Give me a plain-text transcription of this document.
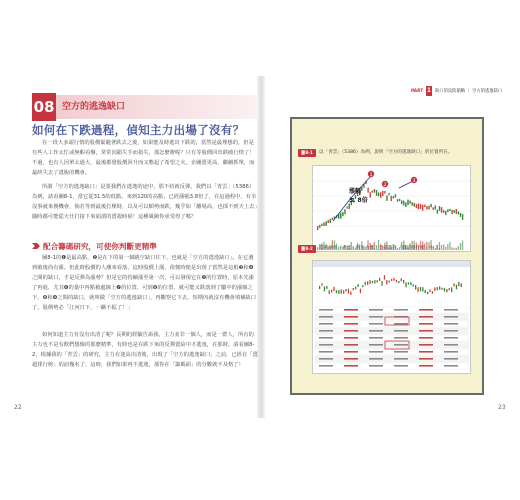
08 空方的逃逸缺口
如何在下跌過程，偵知主力出場了沒有？
在一段大多頭行情的股價緊隨著跌去之後，如果能及時逃出下跌的，當然是最理想的，但是有些人工作太忙或無暇看盤，常常因錯失手而損失，那怎麼辦呢？只有等股價回出跌破行情了！不過，也有人因單太過大，最後都覺股價回升而又憋起了希望之火，企圖賣更高，繼續抓單，而最終失去了逃脫的機會。
所謂「空方的逃逸缺口」是要我們在逃逸的途中，那不妨就反彈，我們以「青雲」（5386）為例，請看圖8-1，當它從31.5的低點，來到120的高點，已經漲幅3.8倍了，在這過程中，有幸沒事就來換機會，倘若等到最後打壓時，以及可以順勢而跌，幾乎如「離場高，也採不到天上去」隨時都可能從天仕打接下來崩潰的賣殺時候！這種風險你承受得了嗎？
配合籌碼研究，可使你判斷更精準
圖8-1的❶是最高點，❷是在下的第一個跳空缺口往下，也就是「空方的逃逸缺口」。在它遇到破後尚有漲，但此時股價的人潮來看落，這時股價上漲，依便時便是出現了當然是這根❸和❹之間的缺口，才是反彈為漲勢？但是它的持續漲至第一次，可以發現它在❺的位置時，原本先漲了再進，尤其❻的量中再點被處線上❼的位置，可到❽的位置，就可能又跌落到了屬中的漲線之下，❽和❾之間的缺口，就叫做「空方的逃逸缺口」，再觀察它下去，短期內就沒有機會填補缺口了，股價勢必「江河日下，一蹶不振了！」
如何知道主力有沒有出清了呢？長期的經驗告訴我，主力並非一個人，而是一群人，所有的主力也不是有飲們想像的那麼精準，有時也是在跌下來的反彈賣給中才逃逸，在那時，請看圖8-2，根據我的「青雲」的研究，主力在逢高出清後，出現了「空方的逃逸缺口」之前，已經在「賣超排行榜」的前幾名了，這時，我們如果再不逃逸，那你在「籌碼面」的分數就不及格了！
22
PART 1 缺口的攻防韜略 ｜ 空方的逃逸缺口
圖8-1	以「青雲」（5386）為例，說明「空方的逃逸缺口」的位置所在。
1
2
3
漲幅
3. 8倍
圖8-2	當初炒作「青雲」的主力群，全部都在「賣超排行榜」中了。
23
